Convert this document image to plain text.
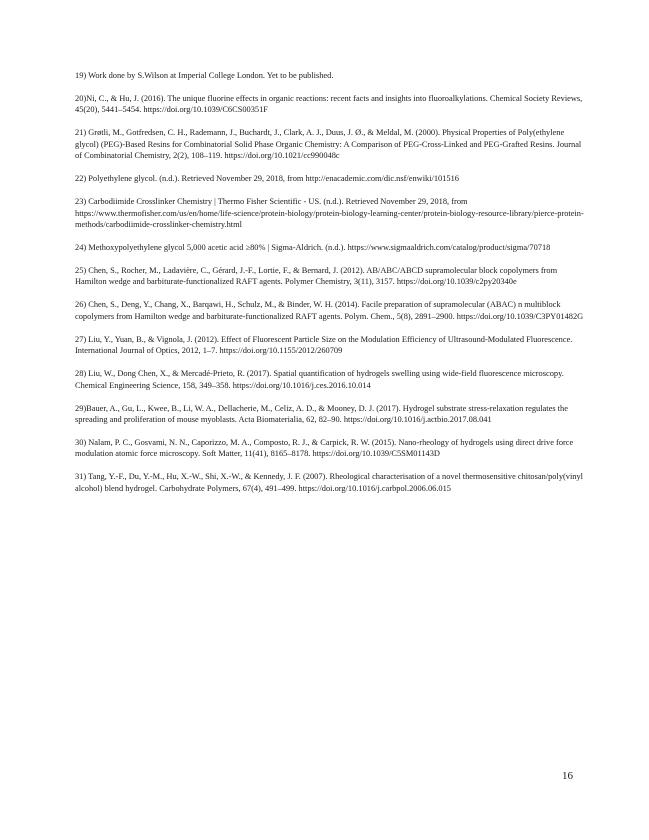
19) Work done by S.Wilson at Imperial College London. Yet to be published.

20)Ni, C., & Hu, J. (2016). The unique fluorine effects in organic reactions: recent facts and insights into fluoroalkylations. Chemical Society Reviews, 45(20), 5441–5454. https://doi.org/10.1039/C6CS00351F

21) Grøtli, M., Gotfredsen, C. H., Rademann, J., Buchardt, J., Clark, A. J., Duus, J. Ø., & Meldal, M. (2000). Physical Properties of Poly(ethylene glycol) (PEG)-Based Resins for Combinatorial Solid Phase Organic Chemistry: A Comparison of PEG-Cross-Linked and PEG-Grafted Resins. Journal of Combinatorial Chemistry, 2(2), 108–119. https://doi.org/10.1021/cc990048c

22) Polyethylene glycol. (n.d.). Retrieved November 29, 2018, from http://enacademic.com/dic.nsf/enwiki/101516

23) Carbodiimide Crosslinker Chemistry | Thermo Fisher Scientific - US. (n.d.). Retrieved November 29, 2018, from https://www.thermofisher.com/us/en/home/life-science/protein-biology/protein-biology-learning-center/protein-biology-resource-library/pierce-protein-methods/carbodiimide-crosslinker-chemistry.html

24) Methoxypolyethylene glycol 5,000 acetic acid ≥80% | Sigma-Aldrich. (n.d.). https://www.sigmaaldrich.com/catalog/product/sigma/70718

25) Chen, S., Rocher, M., Ladavière, C., Gérard, J.-F., Lortie, F., & Bernard, J. (2012). AB/ABC/ABCD supramolecular block copolymers from Hamilton wedge and barbiturate-functionalized RAFT agents. Polymer Chemistry, 3(11), 3157. https://doi.org/10.1039/c2py20340e

26) Chen, S., Deng, Y., Chang, X., Barqawi, H., Schulz, M., & Binder, W. H. (2014). Facile preparation of supramolecular (ABAC) n multiblock copolymers from Hamilton wedge and barbiturate-functionalized RAFT agents. Polym. Chem., 5(8), 2891–2900. https://doi.org/10.1039/C3PY01482G

27) Liu, Y., Yuan, B., & Vignola, J. (2012). Effect of Fluorescent Particle Size on the Modulation Efficiency of Ultrasound-Modulated Fluorescence. International Journal of Optics, 2012, 1–7. https://doi.org/10.1155/2012/260709

28) Liu, W., Dong Chen, X., & Mercadé-Prieto, R. (2017). Spatial quantification of hydrogels swelling using wide-field fluorescence microscopy. Chemical Engineering Science, 158, 349–358. https://doi.org/10.1016/j.ces.2016.10.014

29)Bauer, A., Gu, L., Kwee, B., Li, W. A., Dellacherie, M., Celiz, A. D., & Mooney, D. J. (2017). Hydrogel substrate stress-relaxation regulates the spreading and proliferation of mouse myoblasts. Acta Biomaterialia, 62, 82–90. https://doi.org/10.1016/j.actbio.2017.08.041

30) Nalam, P. C., Gosvami, N. N., Caporizzo, M. A., Composto, R. J., & Carpick, R. W. (2015). Nano-rheology of hydrogels using direct drive force modulation atomic force microscopy. Soft Matter, 11(41), 8165–8178. https://doi.org/10.1039/C5SM01143D

31) Tang, Y.-F., Du, Y.-M., Hu, X.-W., Shi, X.-W., & Kennedy, J. F. (2007). Rheological characterisation of a novel thermosensitive chitosan/poly(vinyl alcohol) blend hydrogel. Carbohydrate Polymers, 67(4), 491–499. https://doi.org/10.1016/j.carbpol.2006.06.015

16
